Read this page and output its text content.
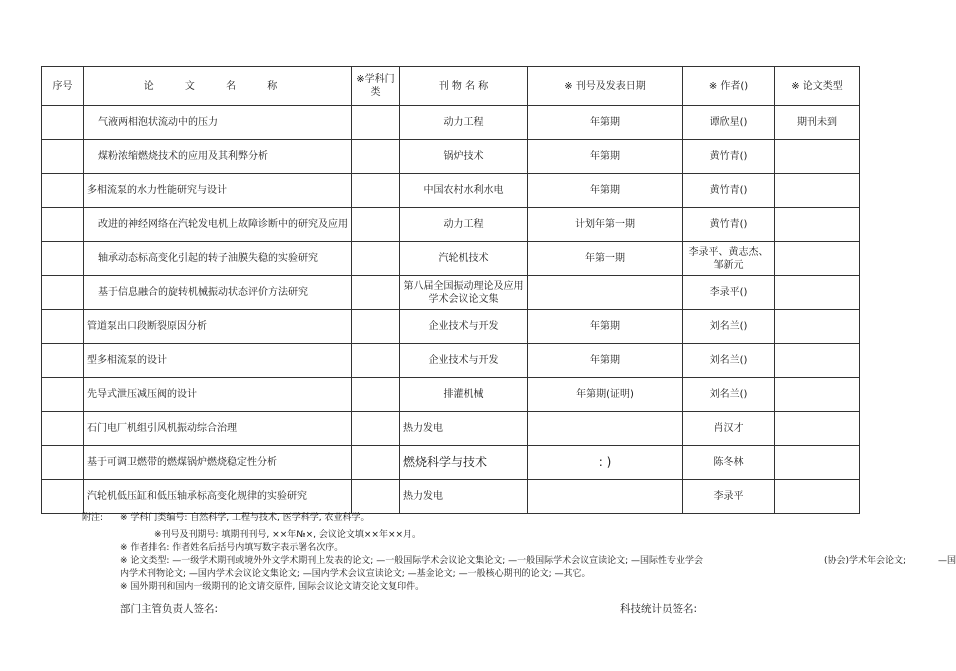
序号	论 文 名 称	※学科门类	刊 物 名 称	※ 刊号及发表日期	※ 作者()	※ 论文类型
	气液两相泡状流动中的压力		动力工程	年第期	谭欣星()	期刊未到
	煤粉浓缩燃烧技术的应用及其利弊分析		锅炉技术	年第期	黄竹青()	
	多相流泵的水力性能研究与设计		中国农村水利水电	年第期	黄竹青()	
	改进的神经网络在汽轮发电机上故障诊断中的研究及应用		动力工程	计划年第一期	黄竹青()	
	轴承动态标高变化引起的转子油膜失稳的实验研究		汽轮机技术	年第一期	李录平、黄志杰、邹新元	
	基于信息融合的旋转机械振动状态评价方法研究		第八届全国振动理论及应用学术会议论文集		李录平()	
	管道泵出口段断裂原因分析		企业技术与开发	年第期	刘名兰()	
	型多相流泵的设计		企业技术与开发	年第期	刘名兰()	
	先导式泄压减压阀的设计		排灌机械	年第期(证明)	刘名兰()	
	石门电厂机组引风机振动综合治理		热力发电		肖汉才	
	基于可调卫燃带的燃煤锅炉燃烧稳定性分析		燃烧科学与技术	: )	陈冬林	
	汽轮机低压缸和低压轴承标高变化规律的实验研究		热力发电		李录平	
附注: ※ 学科门类编号: 自然科学, 工程与技术, 医学科学, 农业科学。
※刊号及刊期号: 填期刊刊号, ××年№×, 会议论文填××年××月。
※ 作者排名: 作者姓名后括号内填写数字表示署名次序。
※ 论文类型: —一级学术期刊或境外外文学术期刊上发表的论文; —一般国际学术会议论文集论文; —一般国际学术会议宣读论文; —国际性专业学会	(协会)学术年会论文;	—国
内学术刊物论文; —国内学术会议论文集论文; —国内学术会议宣读论文; —基金论文; —一般核心期刊的论文; —其它。
※ 国外期刊和国内一级期刊的论文请交原件, 国际会议论文请交论文复印件。
部门主管负责人签名:	科技统计员签名:
